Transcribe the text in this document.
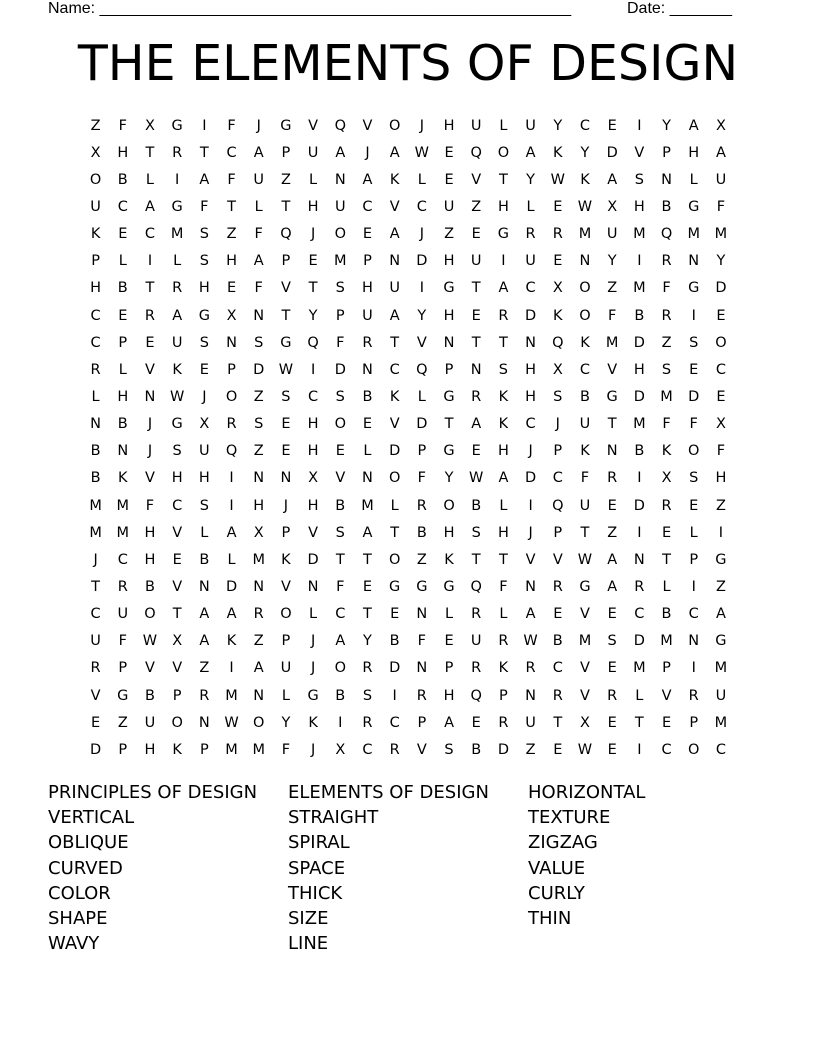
Name: _____________________________________________________	Date: _______
THE ELEMENTS OF DESIGN
Z	F	X	G	I	F	J	G	V	Q	V	O	J	H	U	L	U	Y	C	E	I	Y	A	X
X	H	T	R	T	C	A	P	U	A	J	A	W	E	Q	O	A	K	Y	D	V	P	H	A
O	B	L	I	A	F	U	Z	L	N	A	K	L	E	V	T	Y	W	K	A	S	N	L	U
U	C	A	G	F	T	L	T	H	U	C	V	C	U	Z	H	L	E	W	X	H	B	G	F
K	E	C	M	S	Z	F	Q	J	O	E	A	J	Z	E	G	R	R	M	U	M	Q	M	M
P	L	I	L	S	H	A	P	E	M	P	N	D	H	U	I	U	E	N	Y	I	R	N	Y
H	B	T	R	H	E	F	V	T	S	H	U	I	G	T	A	C	X	O	Z	M	F	G	D
C	E	R	A	G	X	N	T	Y	P	U	A	Y	H	E	R	D	K	O	F	B	R	I	E
C	P	E	U	S	N	S	G	Q	F	R	T	V	N	T	T	N	Q	K	M	D	Z	S	O
R	L	V	K	E	P	D W	I	D	N	C	Q	P	N	S	H	X	C	V	H	S	E	C
L	H	N	W	J	O	Z	S	C	S	B	K	L	G	R	K	H	S	B	G	D	M	D	E
N	B	J	G	X	R	S	E	H	O	E	V	D	T	A	K	C	J	U	T	M	F	F	X
B	N	J	S	U	Q	Z	E	H	E	L	D	P	G	E	H	J	P	K	N	B	K	O	F
B	K	V	H	H	I	N	N	X	V	N	O	F	Y	W	A	D	C	F	R	I	X	S	H
M	M	F	C	S	I	H	J	H	B	M	L	R	O	B	L	I	Q	U	E	D	R	E	Z
M	M	H	V	L	A	X	P	V	S	A	T	B	H	S	H	J	P	T	Z	I	E	L	I
J	C	H	E	B	L	M	K	D	T	T	O	Z	K	T	T	V	V	W	A	N	T	P	G
T	R	B	V	N	D	N	V	N	F	E	G	G	G	Q	F	N	R	G	A	R	L	I	Z
C	U	O	T	A	A	R	O	L	C	T	E	N	L	R	L	A	E	V	E	C	B	C	A
U	F	W	X	A	K	Z	P	J	A	Y	B	F	E	U	R	W	B	M	S	D	M	N	G
R	P	V	V	Z	I	A	U	J	O	R	D	N	P	R	K	R	C	V	E	M	P	I	M
V	G	B	P	R	M	N	L	G	B	S	I	R	H	Q	P	N	R	V	R	L	V	R	U
E	Z	U	O	N	W O	Y	K	I	R	C	P	A	E	R	U	T	X	E	T	E	P	M
D	P	H	K	P	M	M	F	J	X	C	R	V	S	B	D	Z	E	W	E	I	C	O	C
PRINCIPLES OF DESIGN	ELEMENTS OF DESIGN	HORIZONTAL
VERTICAL	STRAIGHT	TEXTURE
OBLIQUE	SPIRAL	ZIGZAG
CURVED	SPACE	VALUE
COLOR	THICK	CURLY
SHAPE	SIZE	THIN
WAVY	LINE
